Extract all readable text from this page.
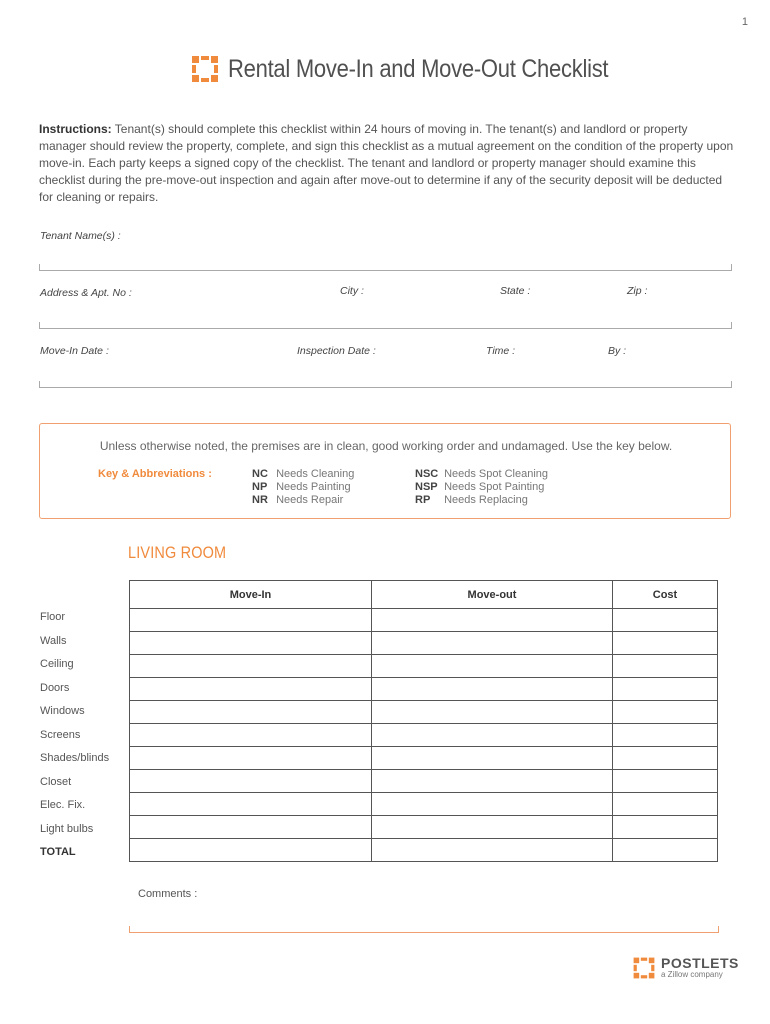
1
Rental Move-In and Move-Out Checklist
Instructions: Tenant(s) should complete this checklist within 24 hours of moving in. The tenant(s) and landlord or property manager should review the property, complete, and sign this checklist as a mutual agreement on the condition of the property upon move-in. Each party keeps a signed copy of the checklist. The tenant and landlord or property manager should examine this checklist during the pre-move-out inspection and again after move-out to determine if any of the security deposit will be deducted for cleaning or repairs.
Tenant Name(s) :
Address & Apt. No :	City :	State :	Zip :
Move-In Date :	Inspection Date :	Time :	By :
Unless otherwise noted, the premises are in clean, good working order and undamaged. Use the key below.
Key & Abbreviations :	NC Needs Cleaning
NP Needs Painting
NR Needs Repair
NSC Needs Spot Cleaning
NSP Needs Spot Painting
RP Needs Replacing
LIVING ROOM
Move-In	Move-out	Cost

Floor
Walls
Ceiling
Doors
Windows
Screens
Shades/blinds
Closet
Elec. Fix.
Light bulbs
TOTAL
Comments :
POSTLETS
a Zillow company
